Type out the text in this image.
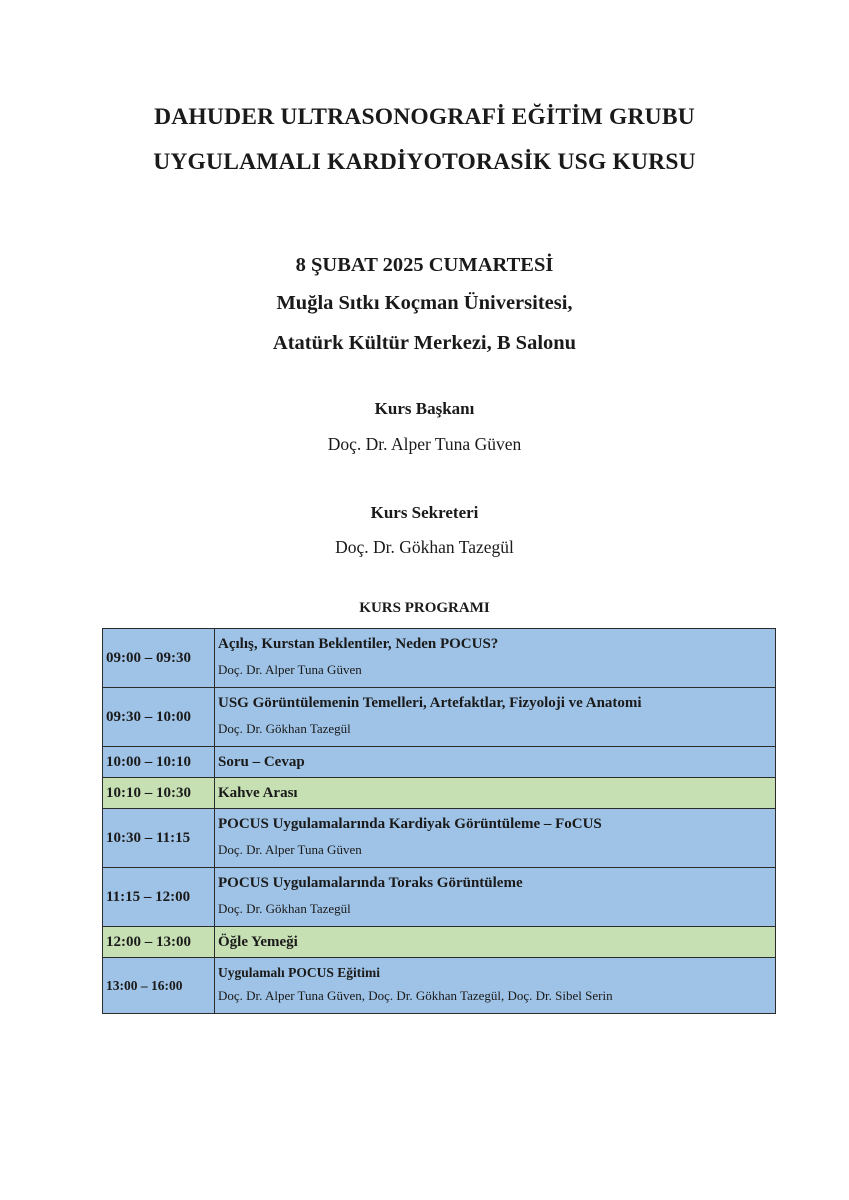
DAHUDER ULTRASONOGRAFİ EĞİTİM GRUBU
UYGULAMALI KARDİYOTORASİK USG KURSU
8 ŞUBAT 2025 CUMARTESİ
Muğla Sıtkı Koçman Üniversitesi,
Atatürk Kültür Merkezi, B Salonu
Kurs Başkanı
Doç. Dr. Alper Tuna Güven
Kurs Sekreteri
Doç. Dr. Gökhan Tazegül
KURS PROGRAMI
09:00 – 09:30	Açılış, Kurstan Beklentiler, Neden POCUS?
Doç. Dr. Alper Tuna Güven

09:30 – 10:00	USG Görüntülemenin Temelleri, Artefaktlar, Fizyoloji ve Anatomi
Doç. Dr. Gökhan Tazegül

10:00 – 10:10	Soru – Cevap

10:10 – 10:30	Kahve Arası

10:30 – 11:15	POCUS Uygulamalarında Kardiyak Görüntüleme – FoCUS
Doç. Dr. Alper Tuna Güven

11:15 – 12:00	POCUS Uygulamalarında Toraks Görüntüleme
Doç. Dr. Gökhan Tazegül

12:00 – 13:00	Öğle Yemeği

13:00 – 16:00	Uygulamalı POCUS Eğitimi
Doç. Dr. Alper Tuna Güven, Doç. Dr. Gökhan Tazegül, Doç. Dr. Sibel Serin
